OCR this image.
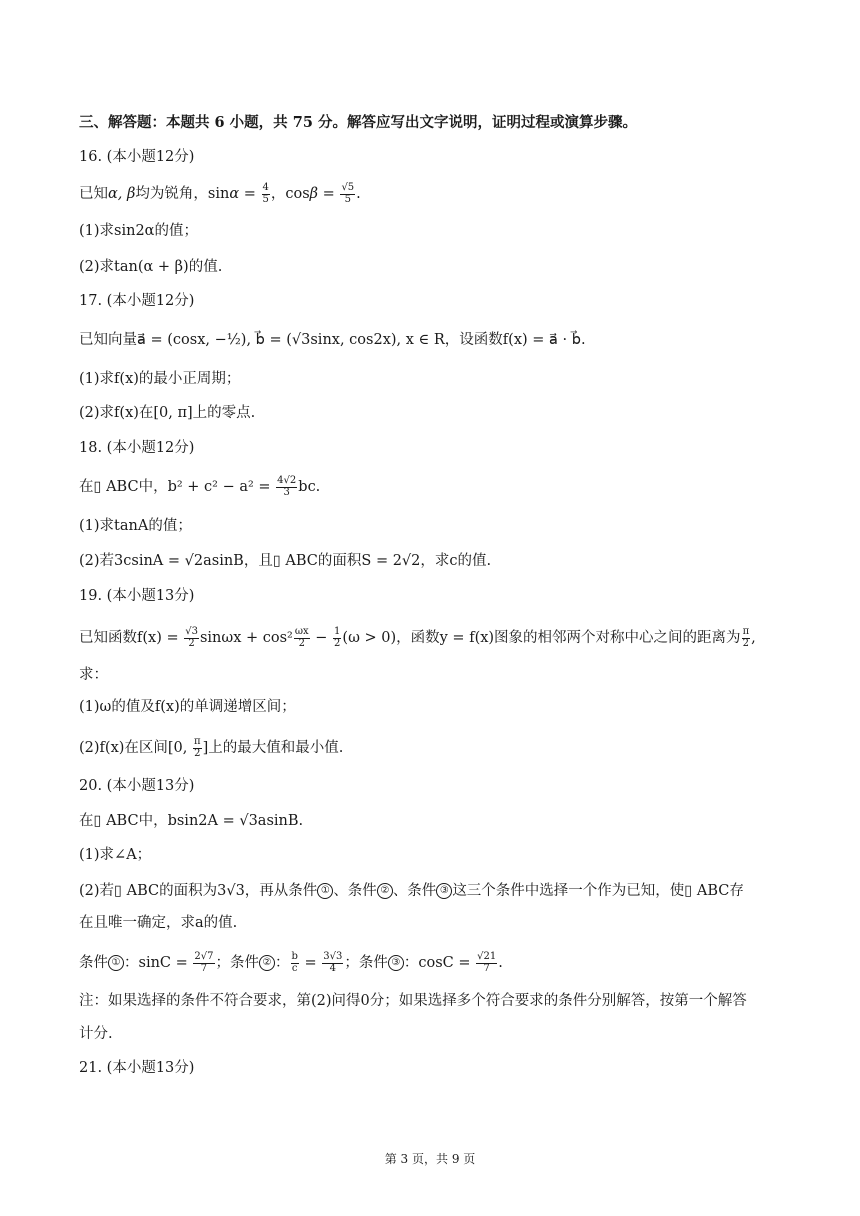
三、解答题：本题共 6 小题，共 75 分。解答应写出文字说明，证明过程或演算步骤。
16. (本小题12分)
已知α, β均为锐角，$\sin\alpha = \frac{4}{5}$ ，$\cos\beta = \frac{√5}{5}$ .
(1)求sin2α的值；
(2)求tan(α + β)的值.
17. (本小题12分)
已知向量a⃗ = (cosx, −½), b⃗ = (√3sinx, cos2x), x ∈ R，设函数f(x) = a⃗ · b⃗.
(1)求f(x)的最小正周期；
(2)求f(x)在[0, π]上的零点.
18. (本小题12分)
在▯ ABC中，$b^2 + c^2 - a^2 = \frac{4√2}{3}$ bc.
(1)求tanA的值；
(2)若3csinA = √2asinB，且▯ ABC的面积S = 2√2，求c的值.
19. (本小题13分)
已知函数$f(x) = \frac{√3}{2}$ $\sin\omega x + \cos^2 \frac{\omega x}{2} - \frac{1}{2} (\omega > 0)$，函数y = f(x)图象的相邻两个对称中心之间的距离为 $\frac{\pi}{2}$ ,
求：
(1)ω的值及f(x)的单调递增区间；
(2)f(x)在区间[0, $\frac{\pi}{2}$ ]上的最大值和最小值.
20. (本小题13分)
在▯ ABC中，bsin2A = √3asinB.
(1)求∠A；
(2)若▯ ABC的面积为3√3，再从条件 ① 、条件 ② 、条件 ③ 这三个条件中选择一个作为已知，使▯ ABC存
在且唯一确定，求a的值.
条件 ① ：$\sin C = \frac{2√7}{7}$ ；条件 ② ： $\frac{b}{c} = \frac{3√3}{4}$ ；条件 ③ ：$\cos C = \frac{√21}{7}$ .
注：如果选择的条件不符合要求，第(2)问得0分；如果选择多个符合要求的条件分别解答，按第一个解答
计分.
21. (本小题13分)
第 3 页，共 9 页
